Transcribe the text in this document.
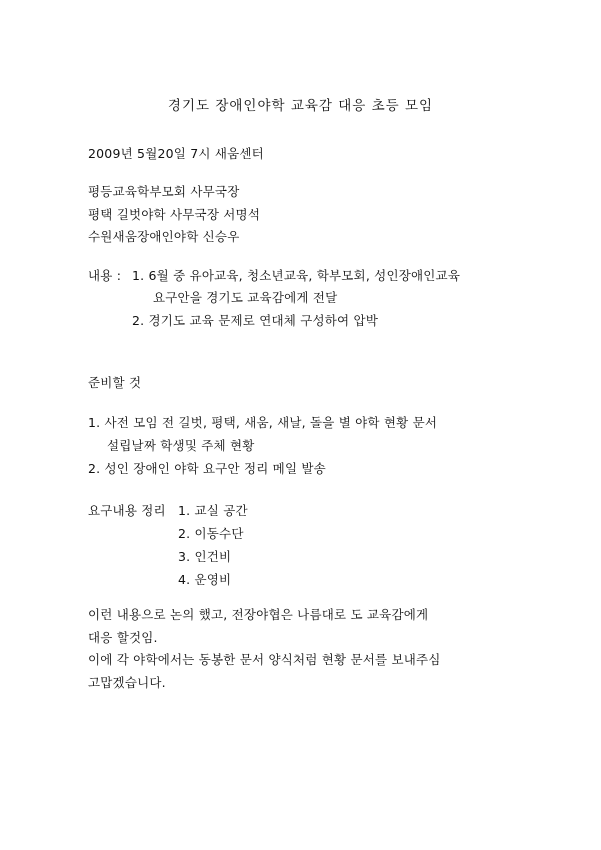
경기도 장애인야학 교육감 대응 초등 모임
2009년 5월20일 7시 새움센터
평등교육학부모회 사무국장
평택 길벗야학 사무국장 서명석
수원새움장애인야학 신승우
내용 : 1. 6월 중 유아교육, 청소년교육, 학부모회, 성인장애인교육
요구안을 경기도 교육감에게 전달
2. 경기도 교육 문제로 연대체 구성하여 압박
준비할 것
1. 사전 모임 전 길벗, 평택, 새움, 새날, 돌을 별 야학 현황 문서
설립날짜 학생및 주체 현황
2. 성인 장애인 야학 요구안 정리 메일 발송
요구내용 정리 1. 교실 공간
2. 이동수단
3. 인건비
4. 운영비
이런 내용으로 논의 했고, 전장야협은 나름대로 도 교육감에게
대응 할것임.
이에 각 야학에서는 동봉한 문서 양식처럼 현황 문서를 보내주심
고맙겠습니다.
